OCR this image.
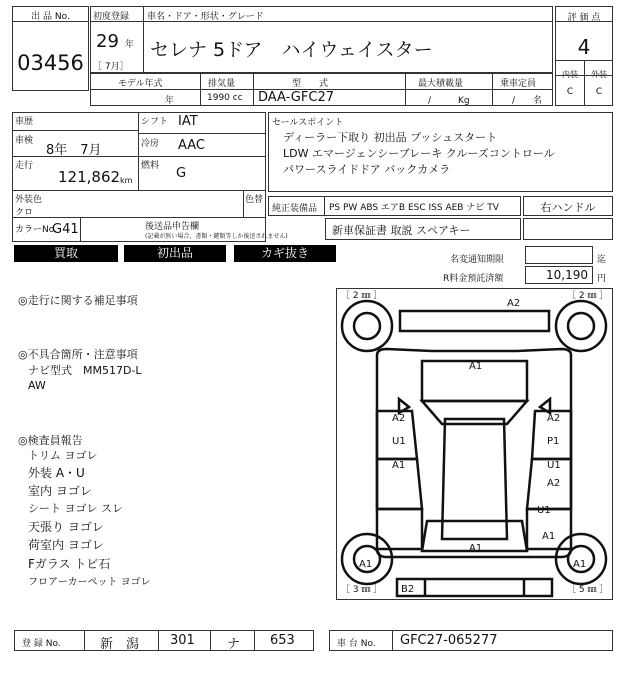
出 品 No.
03456
初度登録
29 年
［ 7月］
車名・ドア・形状・グレード
セレナ 5ドア　ハイウェイスター
評 価 点
4
内装	外装
C	C
モデル年式	排気量	型　　式	最大積載量	乗車定員
年	1990 cc DAA-GFC27	/　　　Kg	/　　名
車歴
車検
8年　7月
走行
121,862 km
シフト IAT
冷房 AAC
燃料 G
外装色
クロ
色替
カラーNo.
G41	後送品申告欄
(記載が無い場合、書類・鍵類等しか後送されません)
セールスポイント
ディーラー下取り 初出品 プッシュスタート
LDW エマージェンシーブレーキ クルーズコントロール
パワースライドドア バックカメラ
純正装備品 PS PW ABS エアB ESC ISS AEB ナビ TV	右ハンドル
新車保証書 取説 スペアキー
買取	初出品	カギ抜き	名変通知期限	迄
R料金預託済額	10,190 円
◎走行に関する補足事項
◎不具合箇所・注意事項
ナビ型式　MM517D-L
AW
◎検査員報告
トリム ヨゴレ
外装 A・U
室内 ヨゴレ
シート ヨゴレ スレ
天張り ヨゴレ
荷室内 ヨゴレ
Fガラス トビ石
フロアーカーペット ヨゴレ
［ 2 ㎜ ］	［ 2 ㎜ ］
［ 3 ㎜ ］	［ 5 ㎜ ］
A2
A1
A2
U1
A1
A2
P1
U1
A2
U1
A1
A1
A1	A1
B2
登 録 No.	新　潟 301 ナ 653	車 台 No. GFC27-065277
